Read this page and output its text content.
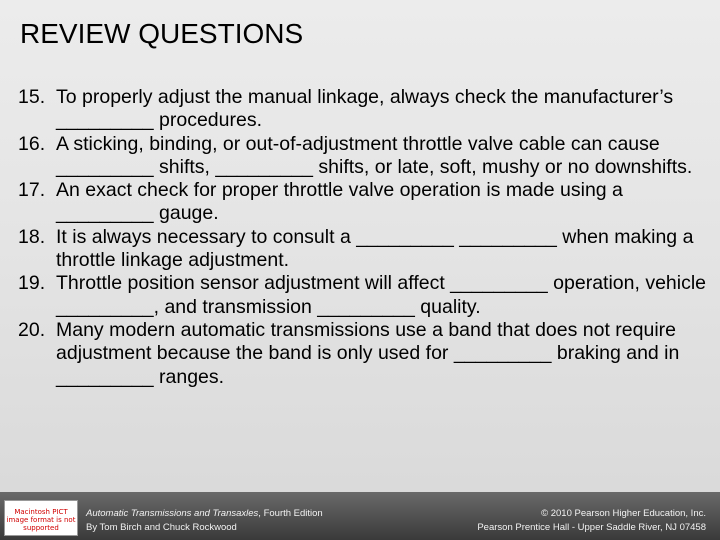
REVIEW QUESTIONS
15. To properly adjust the manual linkage, always check the manufacturer’s _________ procedures.
16. A sticking, binding, or out-of-adjustment throttle valve cable can cause _________ shifts, _________ shifts, or late, soft, mushy or no downshifts.
17. An exact check for proper throttle valve operation is made using a _________ gauge.
18. It is always necessary to consult a _________ _________ when making a throttle linkage adjustment.
19. Throttle position sensor adjustment will affect _________ operation, vehicle _________, and transmission _________ quality.
20. Many modern automatic transmissions use a band that does not require adjustment because the band is only used for _________ braking and in _________ ranges.
Macintosh PICT image format is not supported
Automatic Transmissions and Transaxles, Fourth Edition
By Tom Birch and Chuck Rockwood
© 2010 Pearson Higher Education, Inc.
Pearson Prentice Hall - Upper Saddle River, NJ 07458
